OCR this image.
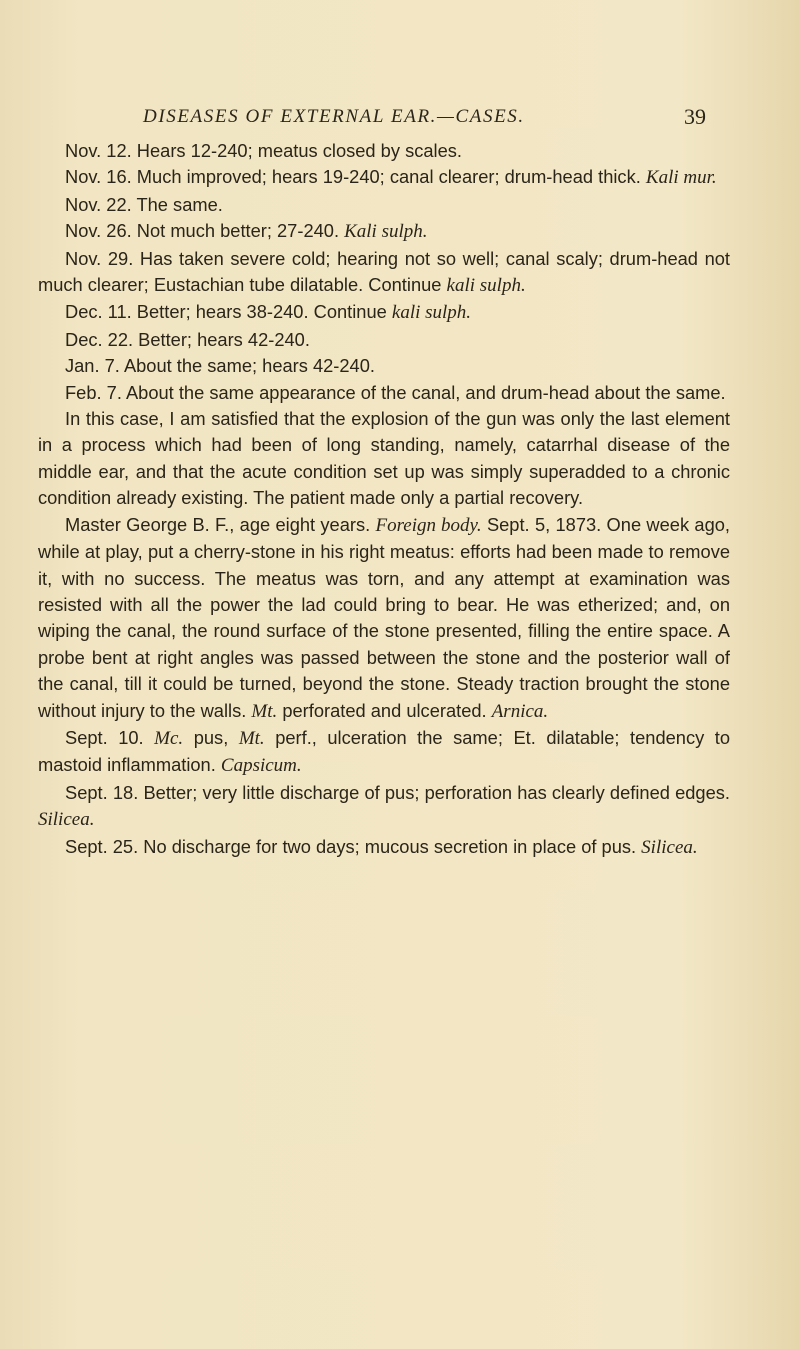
DISEASES OF EXTERNAL EAR.—CASES.	39

Nov. 12. Hears 12-240; meatus closed by scales.

Nov. 16. Much improved; hears 19-240; canal clearer; drum-head thick. Kali mur.

Nov. 22. The same.

Nov. 26. Not much better; 27-240. Kali sulph.

Nov. 29. Has taken severe cold; hearing not so well; canal scaly; drum-head not much clearer; Eustachian tube dilatable. Continue kali sulph.

Dec. 11. Better; hears 38-240. Continue kali sulph.

Dec. 22. Better; hears 42-240.

Jan. 7. About the same; hears 42-240.

Feb. 7. About the same appearance of the canal, and drum-head about the same.

In this case, I am satisfied that the explosion of the gun was only the last element in a process which had been of long standing, namely, catarrhal disease of the middle ear, and that the acute condition set up was simply superadded to a chronic condition already existing. The patient made only a partial recovery.

Master George B. F., age eight years. Foreign body. Sept. 5, 1873. One week ago, while at play, put a cherry-stone in his right meatus: efforts had been made to remove it, with no success. The meatus was torn, and any attempt at examination was resisted with all the power the lad could bring to bear. He was etherized; and, on wiping the canal, the round surface of the stone presented, filling the entire space. A probe bent at right angles was passed between the stone and the posterior wall of the canal, till it could be turned, beyond the stone. Steady traction brought the stone without injury to the walls. Mt. perforated and ulcerated. Arnica.

Sept. 10. Mc. pus, Mt. perf., ulceration the same; Et. dilatable; tendency to mastoid inflammation. Capsicum.

Sept. 18. Better; very little discharge of pus; perforation has clearly defined edges. Silicea.

Sept. 25. No discharge for two days; mucous secretion in place of pus. Silicea.
